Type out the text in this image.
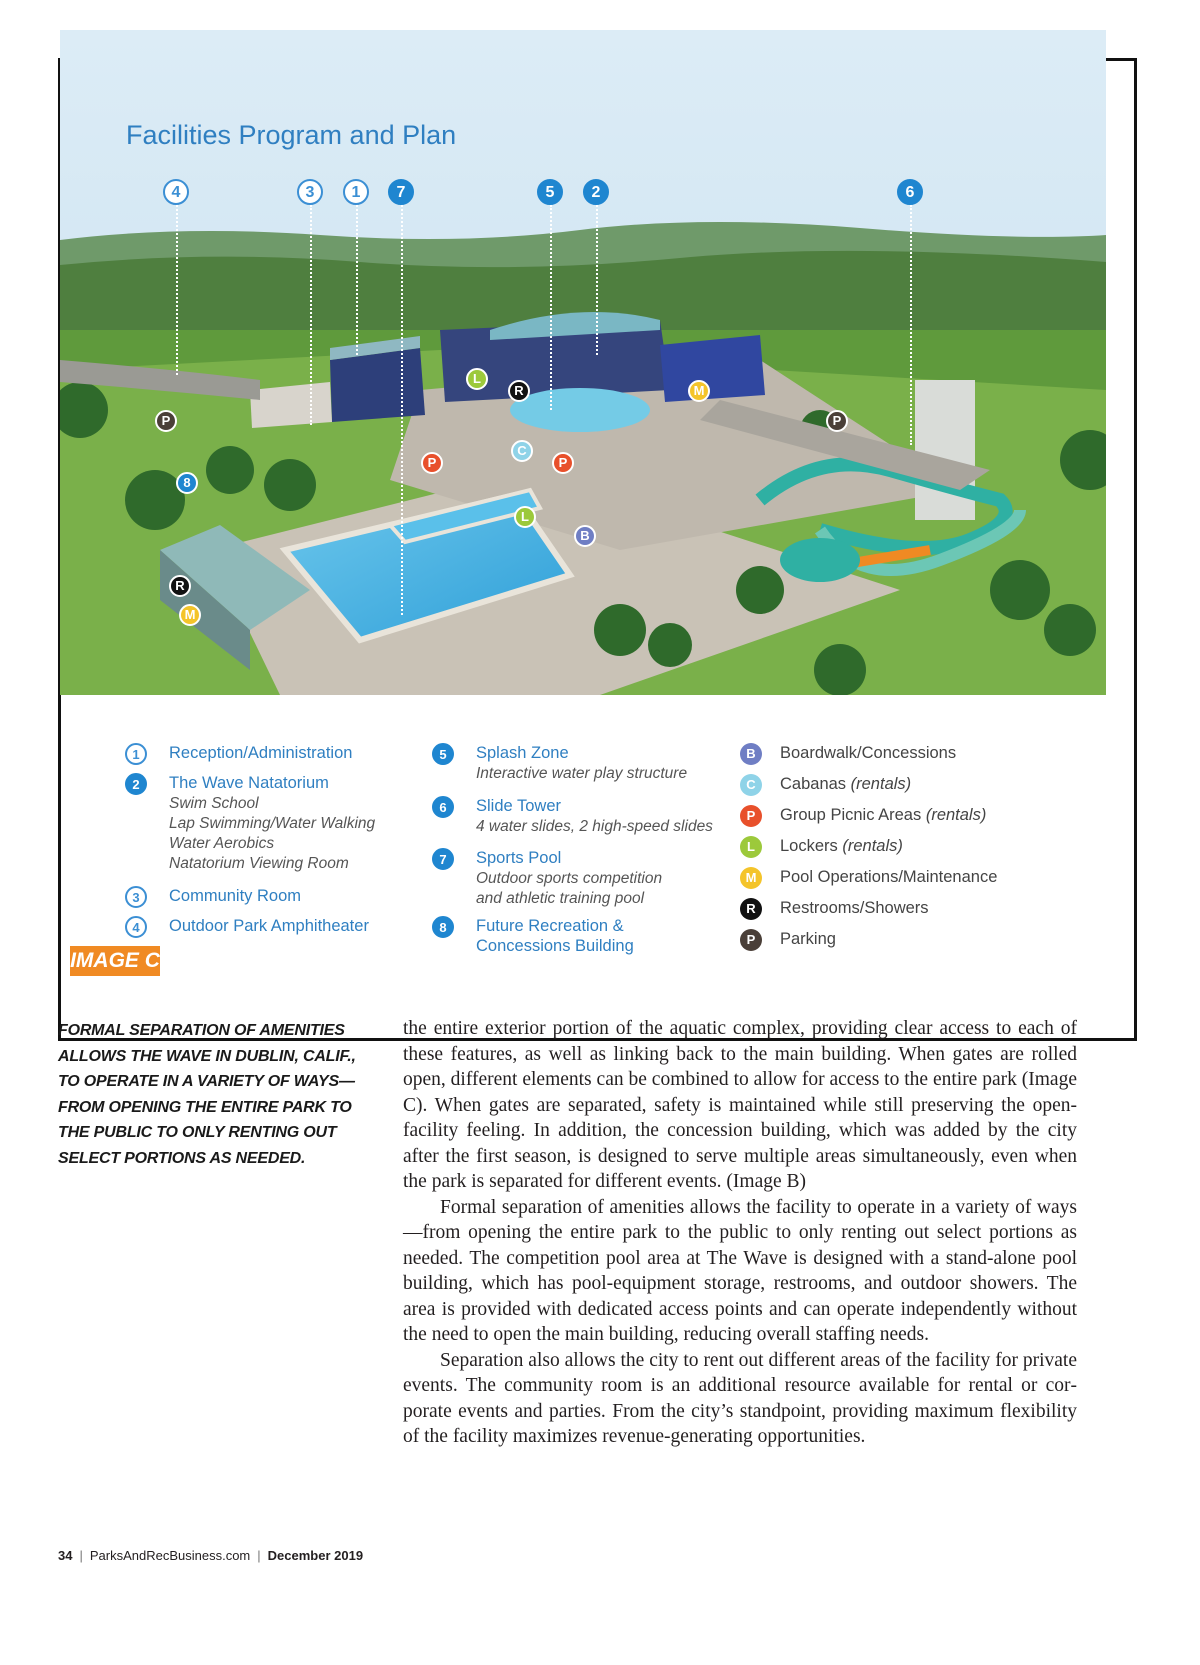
Facilities Program and Plan
4	3	1	7	5	2	6
P
L
R	M
P
P
C
P
8
L
B
R
M
1	Reception/Administration
2	The Wave Natatorium
Swim School
Lap Swimming/Water Walking
Water Aerobics
Natatorium Viewing Room
3	Community Room
4	Outdoor Park Amphitheater
5	Splash Zone
Interactive water play structure
6	Slide Tower
4 water slides, 2 high-speed slides
7	Sports Pool
Outdoor sports competition
and athletic training pool
8	Future Recreation &
Concessions Building
B	Boardwalk/Concessions
C	Cabanas (rentals)
P	Group Picnic Areas (rentals)
L	Lockers (rentals)
M	Pool Operations/Maintenance
R	Restrooms/Showers
P	Parking
IMAGE C
FORMAL SEPARATION OF AMENITIES
ALLOWS THE WAVE IN DUBLIN, CALIF.,
TO OPERATE IN A VARIETY OF WAYS—
FROM OPENING THE ENTIRE PARK TO
THE PUBLIC TO ONLY RENTING OUT
SELECT PORTIONS AS NEEDED.

the entire exterior portion of the aquatic complex, providing clear access to each of these features, as well as linking back to the main building. When gates are rolled open, different elements can be combined to allow for access to the entire park (Image C). When gates are separated, safety is maintained while still preserving the open-facility feeling. In addition, the concession building, which was added by the city after the first season, is designed to serve multiple areas simultaneously, even when the park is separated for different events. (Image B)

Formal separation of amenities allows the facility to operate in a variety of ways—from opening the entire park to the public to only renting out select portions as needed. The competition pool area at The Wave is designed with a stand-alone pool building, which has pool-equipment storage, restrooms, and outdoor showers. The area is provided with dedicated access points and can operate independently without the need to open the main building, reducing overall staffing needs.

Separation also allows the city to rent out different areas of the facility for private events. The community room is an additional resource available for rental or corporate events and parties. From the city’s standpoint, providing maximum flexibility of the facility maximizes revenue-generating opportunities.

34 | ParksAndRecBusiness.com | December 2019
